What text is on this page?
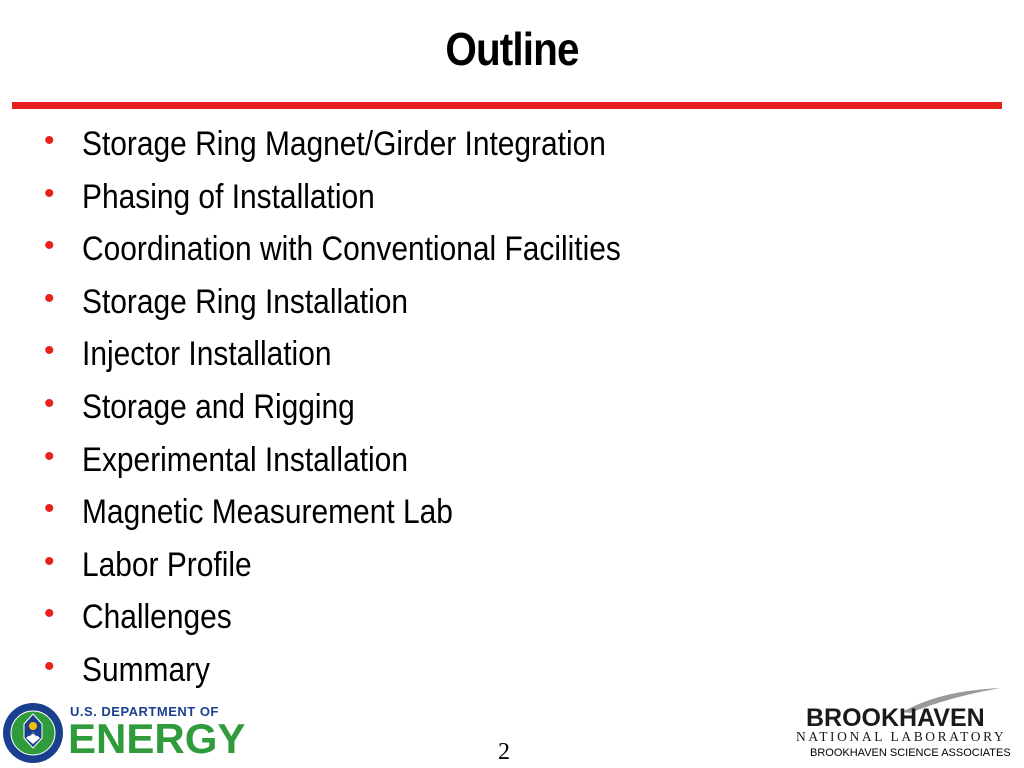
Outline
• Storage Ring Magnet/Girder Integration
• Phasing of Installation
• Coordination with Conventional Facilities
• Storage Ring Installation
• Injector Installation
• Storage and Rigging
• Experimental Installation
• Magnetic Measurement Lab
• Labor Profile
• Challenges
• Summary
U.S. DEPARTMENT OF
ENERGY	2
BROOKHAVEN
NATIONAL LABORATORY
BROOKHAVEN SCIENCE ASSOCIATES
